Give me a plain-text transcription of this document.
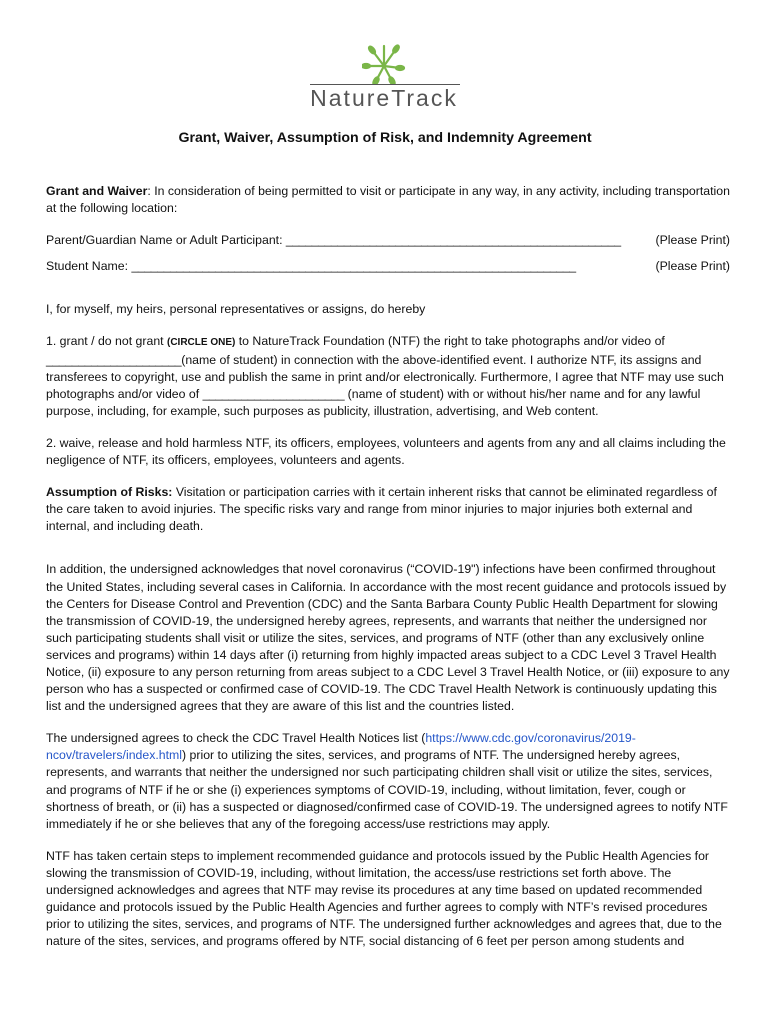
NatureTrack
Grant, Waiver, Assumption of Risk, and Indemnity Agreement

Grant and Waiver: In consideration of being permitted to visit or participate in any way, in any activity, including transportation at the following location:

Parent/Guardian Name or Adult Participant: ____________________________________________________	(Please Print)

Student Name: _____________________________________________________________________	(Please Print)

I, for myself, my heirs, personal representatives or assigns, do hereby

1. grant / do not grant (CIRCLE ONE) to NatureTrack Foundation (NTF) the right to take photographs and/or video of _____________________(name of student) in connection with the above-identified event. I authorize NTF, its assigns and transferees to copyright, use and publish the same in print and/or electronically. Furthermore, I agree that NTF may use such photographs and/or video of ______________________ (name of student) with or without his/her name and for any lawful purpose, including, for example, such purposes as publicity, illustration, advertising, and Web content.

2. waive, release and hold harmless NTF, its officers, employees, volunteers and agents from any and all claims including the negligence of NTF, its officers, employees, volunteers and agents.

Assumption of Risks: Visitation or participation carries with it certain inherent risks that cannot be eliminated regardless of the care taken to avoid injuries. The specific risks vary and range from minor injuries to major injuries both external and internal, and including death.

In addition, the undersigned acknowledges that novel coronavirus (“COVID-19") infections have been confirmed throughout the United States, including several cases in California. In accordance with the most recent guidance and protocols issued by the Centers for Disease Control and Prevention (CDC) and the Santa Barbara County Public Health Department for slowing the transmission of COVID-19, the undersigned hereby agrees, represents, and warrants that neither the undersigned nor such participating students shall visit or utilize the sites, services, and programs of NTF (other than any exclusively online services and programs) within 14 days after (i) returning from highly impacted areas subject to a CDC Level 3 Travel Health Notice, (ii) exposure to any person returning from areas subject to a CDC Level 3 Travel Health Notice, or (iii) exposure to any person who has a suspected or confirmed case of COVID-19. The CDC Travel Health Network is continuously updating this list and the undersigned agrees that they are aware of this list and the countries listed.

The undersigned agrees to check the CDC Travel Health Notices list (https://www.cdc.gov/coronavirus/2019-ncov/travelers/index.html) prior to utilizing the sites, services, and programs of NTF. The undersigned hereby agrees, represents, and warrants that neither the undersigned nor such participating children shall visit or utilize the sites, services, and programs of NTF if he or she (i) experiences symptoms of COVID-19, including, without limitation, fever, cough or shortness of breath, or (ii) has a suspected or diagnosed/confirmed case of COVID-19. The undersigned agrees to notify NTF immediately if he or she believes that any of the foregoing access/use restrictions may apply.

NTF has taken certain steps to implement recommended guidance and protocols issued by the Public Health Agencies for slowing the transmission of COVID-19, including, without limitation, the access/use restrictions set forth above. The undersigned acknowledges and agrees that NTF may revise its procedures at any time based on updated recommended guidance and protocols issued by the Public Health Agencies and further agrees to comply with NTF’s revised procedures prior to utilizing the sites, services, and programs of NTF. The undersigned further acknowledges and agrees that, due to the nature of the sites, services, and programs offered by NTF, social distancing of 6 feet per person among students and
